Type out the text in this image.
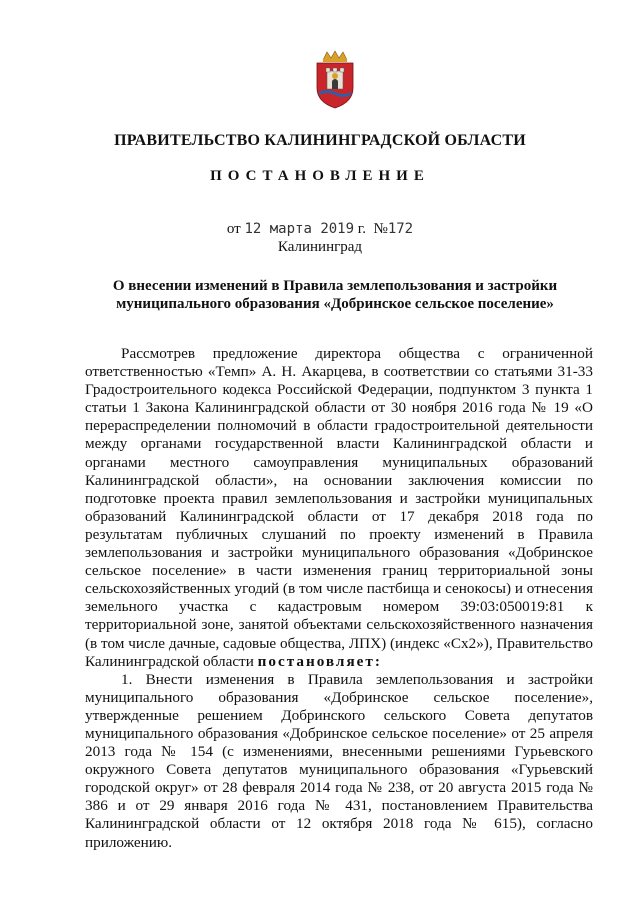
ПРАВИТЕЛЬСТВО КАЛИНИНГРАДСКОЙ ОБЛАСТИ
ПОСТАНОВЛЕНИЕ
от 12 марта 2019 г. №172
Калининград
О внесении изменений в Правила землепользования и застройки
муниципального образования «Добринское сельское поселение»

Рассмотрев предложение директора общества с ограниченной ответственностью «Темп» А. Н. Акарцева, в соответствии со статьями 31-33 Градостроительного кодекса Российской Федерации, подпунктом 3 пункта 1 статьи 1 Закона Калининградской области от 30 ноября 2016 года № 19 «О перераспределении полномочий в области градостроительной деятельности между органами государственной власти Калининградской области и органами местного самоуправления муниципальных образований Калининградской области», на основании заключения комиссии по подготовке проекта правил землепользования и застройки муниципальных образований Калининградской области от 17 декабря 2018 года по результатам публичных слушаний по проекту изменений в Правила землепользования и застройки муниципального образования «Добринское сельское поселение» в части изменения границ территориальной зоны сельскохозяйственных угодий (в том числе пастбища и сенокосы) и отнесения земельного участка с кадастровым номером 39:03:050019:81 к территориальной зоне, занятой объектами сельскохозяйственного назначения (в том числе дачные, садовые общества, ЛПХ) (индекс «Сх2»), Правительство Калининградской области постановляет:

1. Внести изменения в Правила землепользования и застройки муниципального образования «Добринское сельское поселение», утвержденные решением Добринского сельского Совета депутатов муниципального образования «Добринское сельское поселение» от 25 апреля 2013 года № 154 (с изменениями, внесенными решениями Гурьевского окружного Совета депутатов муниципального образования «Гурьевский городской округ» от 28 февраля 2014 года № 238, от 20 августа 2015 года № 386 и от 29 января 2016 года № 431, постановлением Правительства Калининградской области от 12 октября 2018 года № 615), согласно приложению.
